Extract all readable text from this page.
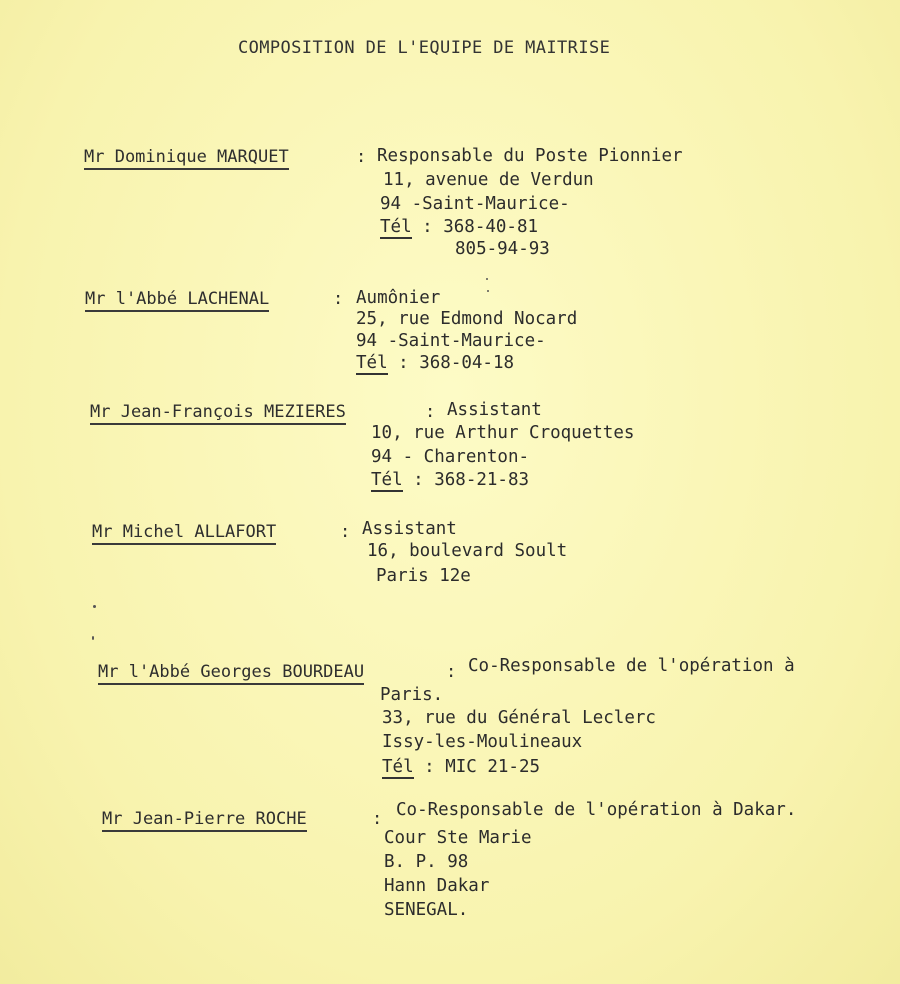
COMPOSITION DE L'EQUIPE DE MAITRISE
Mr Dominique MARQUET	: Responsable du Poste Pionnier
11, avenue de Verdun
94 -Saint-Maurice-
Tél : 368-40-81
805-94-93
Mr l'Abbé LACHENAL	: Aumônier
25, rue Edmond Nocard
94 -Saint-Maurice-
Tél : 368-04-18
Mr Jean-François MEZIERES	: Assistant
10, rue Arthur Croquettes
94 - Charenton-
Tél : 368-21-83
Mr Michel ALLAFORT	: Assistant
16, boulevard Soult
Paris 12e
Mr l'Abbé Georges BOURDEAU	: Co-Responsable de l'opération à
Paris.
33, rue du Général Leclerc
Issy-les-Moulineaux
Tél : MIC 21-25
Mr Jean-Pierre ROCHE	: Co-Responsable de l'opération à Dakar.
Cour Ste Marie
B. P. 98
Hann Dakar
SENEGAL.
